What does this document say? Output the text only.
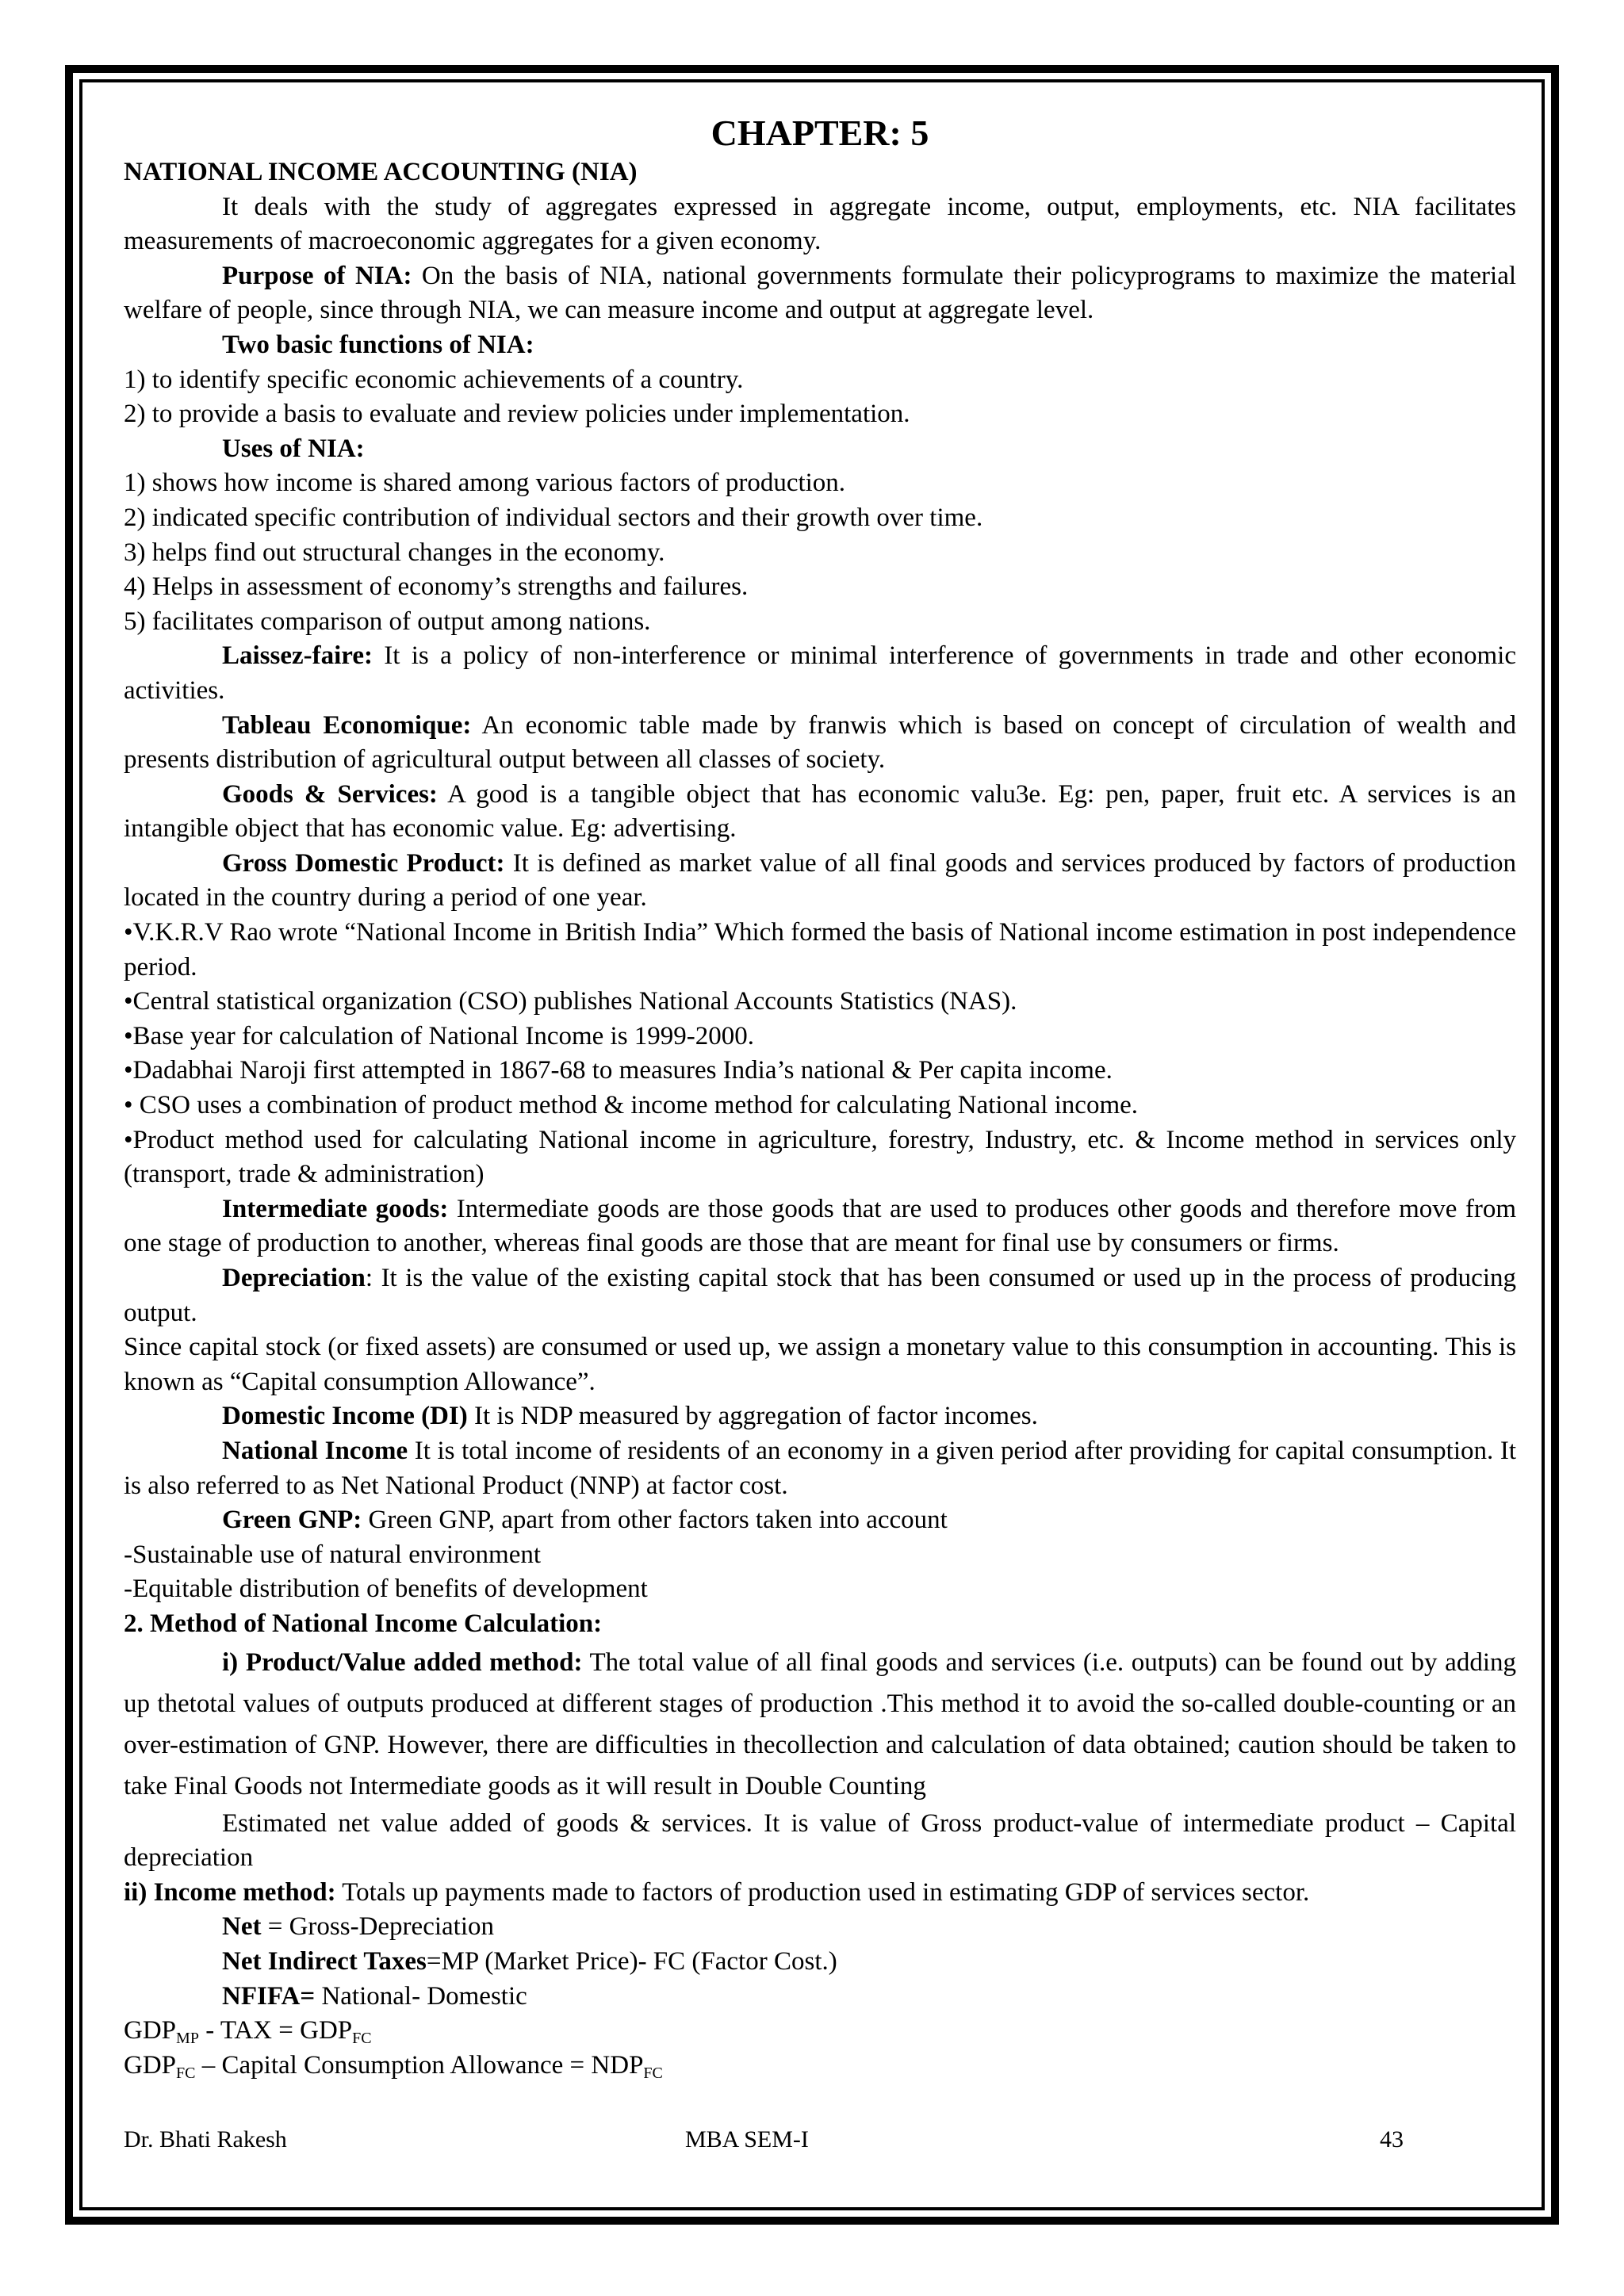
CHAPTER: 5

NATIONAL INCOME ACCOUNTING (NIA)

It deals with the study of aggregates expressed in aggregate income, output, employments, etc. NIA facilitates measurements of macroeconomic aggregates for a given economy.

Purpose of NIA: On the basis of NIA, national governments formulate their policyprograms to maximize the material welfare of people, since through NIA, we can measure income and output at aggregate level.

Two basic functions of NIA:

1) to identify specific economic achievements of a country.

2) to provide a basis to evaluate and review policies under implementation.

Uses of NIA:

1) shows how income is shared among various factors of production.

2) indicated specific contribution of individual sectors and their growth over time.

3) helps find out structural changes in the economy.

4) Helps in assessment of economy’s strengths and failures.

5) facilitates comparison of output among nations.

Laissez-faire: It is a policy of non-interference or minimal interference of governments in trade and other economic activities.

Tableau Economique: An economic table made by franwis which is based on concept of circulation of wealth and presents distribution of agricultural output between all classes of society.

Goods & Services: A good is a tangible object that has economic valu3e. Eg: pen, paper, fruit etc. A services is an intangible object that has economic value. Eg: advertising.

Gross Domestic Product: It is defined as market value of all final goods and services produced by factors of production located in the country during a period of one year.

•V.K.R.V Rao wrote “National Income in British India” Which formed the basis of National income estimation in post independence period.

•Central statistical organization (CSO) publishes National Accounts Statistics (NAS).

•Base year for calculation of National Income is 1999-2000.

•Dadabhai Naroji first attempted in 1867-68 to measures India’s national & Per capita income.

• CSO uses a combination of product method & income method for calculating National income.

•Product method used for calculating National income in agriculture, forestry, Industry, etc. & Income method in services only (transport, trade & administration)

Intermediate goods: Intermediate goods are those goods that are used to produces other goods and therefore move from one stage of production to another, whereas final goods are those that are meant for final use by consumers or firms.

Depreciation: It is the value of the existing capital stock that has been consumed or used up in the process of producing output.

Since capital stock (or fixed assets) are consumed or used up, we assign a monetary value to this consumption in accounting. This is known as “Capital consumption Allowance”.

Domestic Income (DI) It is NDP measured by aggregation of factor incomes.

National Income It is total income of residents of an economy in a given period after providing for capital consumption. It is also referred to as Net National Product (NNP) at factor cost.

Green GNP: Green GNP, apart from other factors taken into account

-Sustainable use of natural environment

-Equitable distribution of benefits of development

2. Method of National Income Calculation:

i) Product/Value added method: The total value of all final goods and services (i.e. outputs) can be found out by adding up thetotal values of outputs produced at different stages of production .This method it to avoid the so-called double-counting or an over-estimation of GNP. However, there are difficulties in thecollection and calculation of data obtained; caution should be taken to take Final Goods not Intermediate goods as it will result in Double Counting

Estimated net value added of goods & services. It is value of Gross product-value of intermediate product – Capital depreciation

ii) Income method: Totals up payments made to factors of production used in estimating GDP of services sector.

Net = Gross-Depreciation

Net Indirect Taxes=MP (Market Price)- FC (Factor Cost.)

NFIFA= National- Domestic

$GDP_{MP}$ - TAX = $GDP_{FC}$

$GDP_{FC}$ – Capital Consumption Allowance = $NDP_{FC}$

Dr. Bhati Rakesh	MBA SEM-I	43
